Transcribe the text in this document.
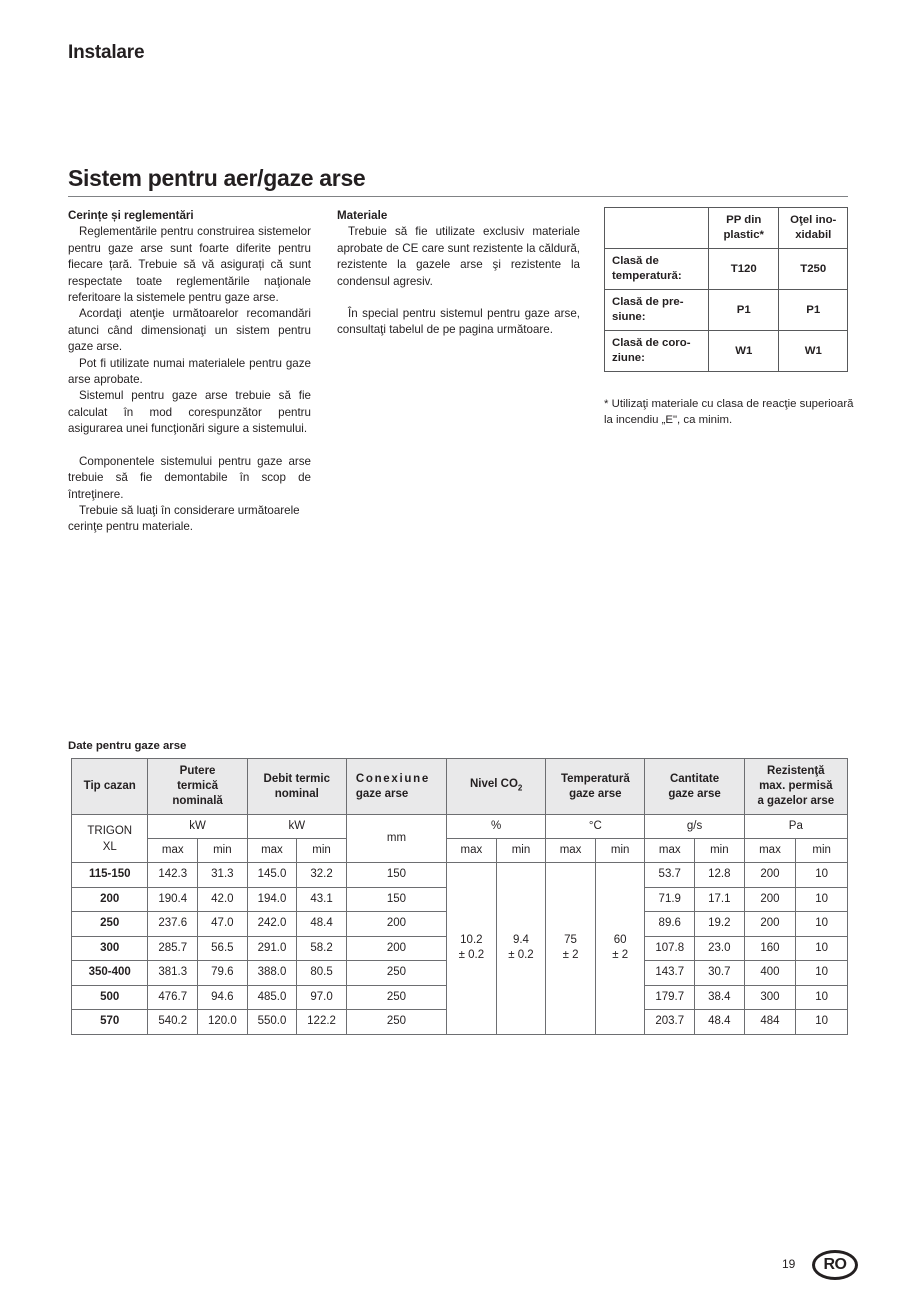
Instalare
Sistem pentru aer/gaze arse
Cerințe și reglementări

Reglementările pentru construirea sistemelor pentru gaze arse sunt foarte diferite pentru fiecare țară. Trebuie să vă asigurați că sunt respectate toate reglementările naţionale referitoare la sistemele pentru gaze arse.

Acordaţi atenţie următoarelor recomandări atunci când dimensionaţi un sistem pentru gaze arse.

Pot fi utilizate numai materialele pentru gaze arse aprobate.

Sistemul pentru gaze arse trebuie să fie calculat în mod corespunzător pentru asigurarea unei funcţionări sigure a sistemului.

Componentele sistemului pentru gaze arse trebuie să fie demontabile în scop de întreţinere.

Trebuie să luaţi în considerare următoarele cerinţe pentru materiale.

Materiale

Trebuie să fie utilizate exclusiv materiale aprobate de CE care sunt rezistente la căldură, rezistente la gazele arse şi rezistente la condensul agresiv.

În special pentru sistemul pentru gaze arse, consultaţi tabelul de pe pagina următoare.

	PP din
plastic*	Oţel ino-
xidabil

Clasă de
temperatură:	T120	T250

Clasă de pre-
siune:	P1	P1

Clasă de coro-
ziune:	W1	W1
* Utilizaţi materiale cu clasa de reacţie superioară la incendiu „E", ca minim.
Date pentru gaze arse
Tip cazan	Putere
termică
nominală		Debit termic
nominal		Conexiune
gaze arse	Nivel $CO_2$		Temperatură
gaze arse		Cantitate
gaze arse		Rezistenţă
max. permisă
a gazelor arse	

TRIGON
XL	kW		kW		mm	%		°C		g/s		Pa	
	max	min	max	min		max	min	max	min	max	min	max	min
115-150	142.3	31.3	145.0	32.2	150	10.2
± 0.2	9.4
± 0.2	75
± 2	60
± 2	53.7	12.8	200	10
200	190.4	42.0	194.0	43.1	150					71.9	17.1	200	10
250	237.6	47.0	242.0	48.4	200					89.6	19.2	200	10
300	285.7	56.5	291.0	58.2	200					107.8	23.0	160	10
350-400	381.3	79.6	388.0	80.5	250					143.7	30.7	400	10
500	476.7	94.6	485.0	97.0	250					179.7	38.4	300	10
570	540.2	120.0	550.0	122.2	250					203.7	48.4	484	10
19	RO
